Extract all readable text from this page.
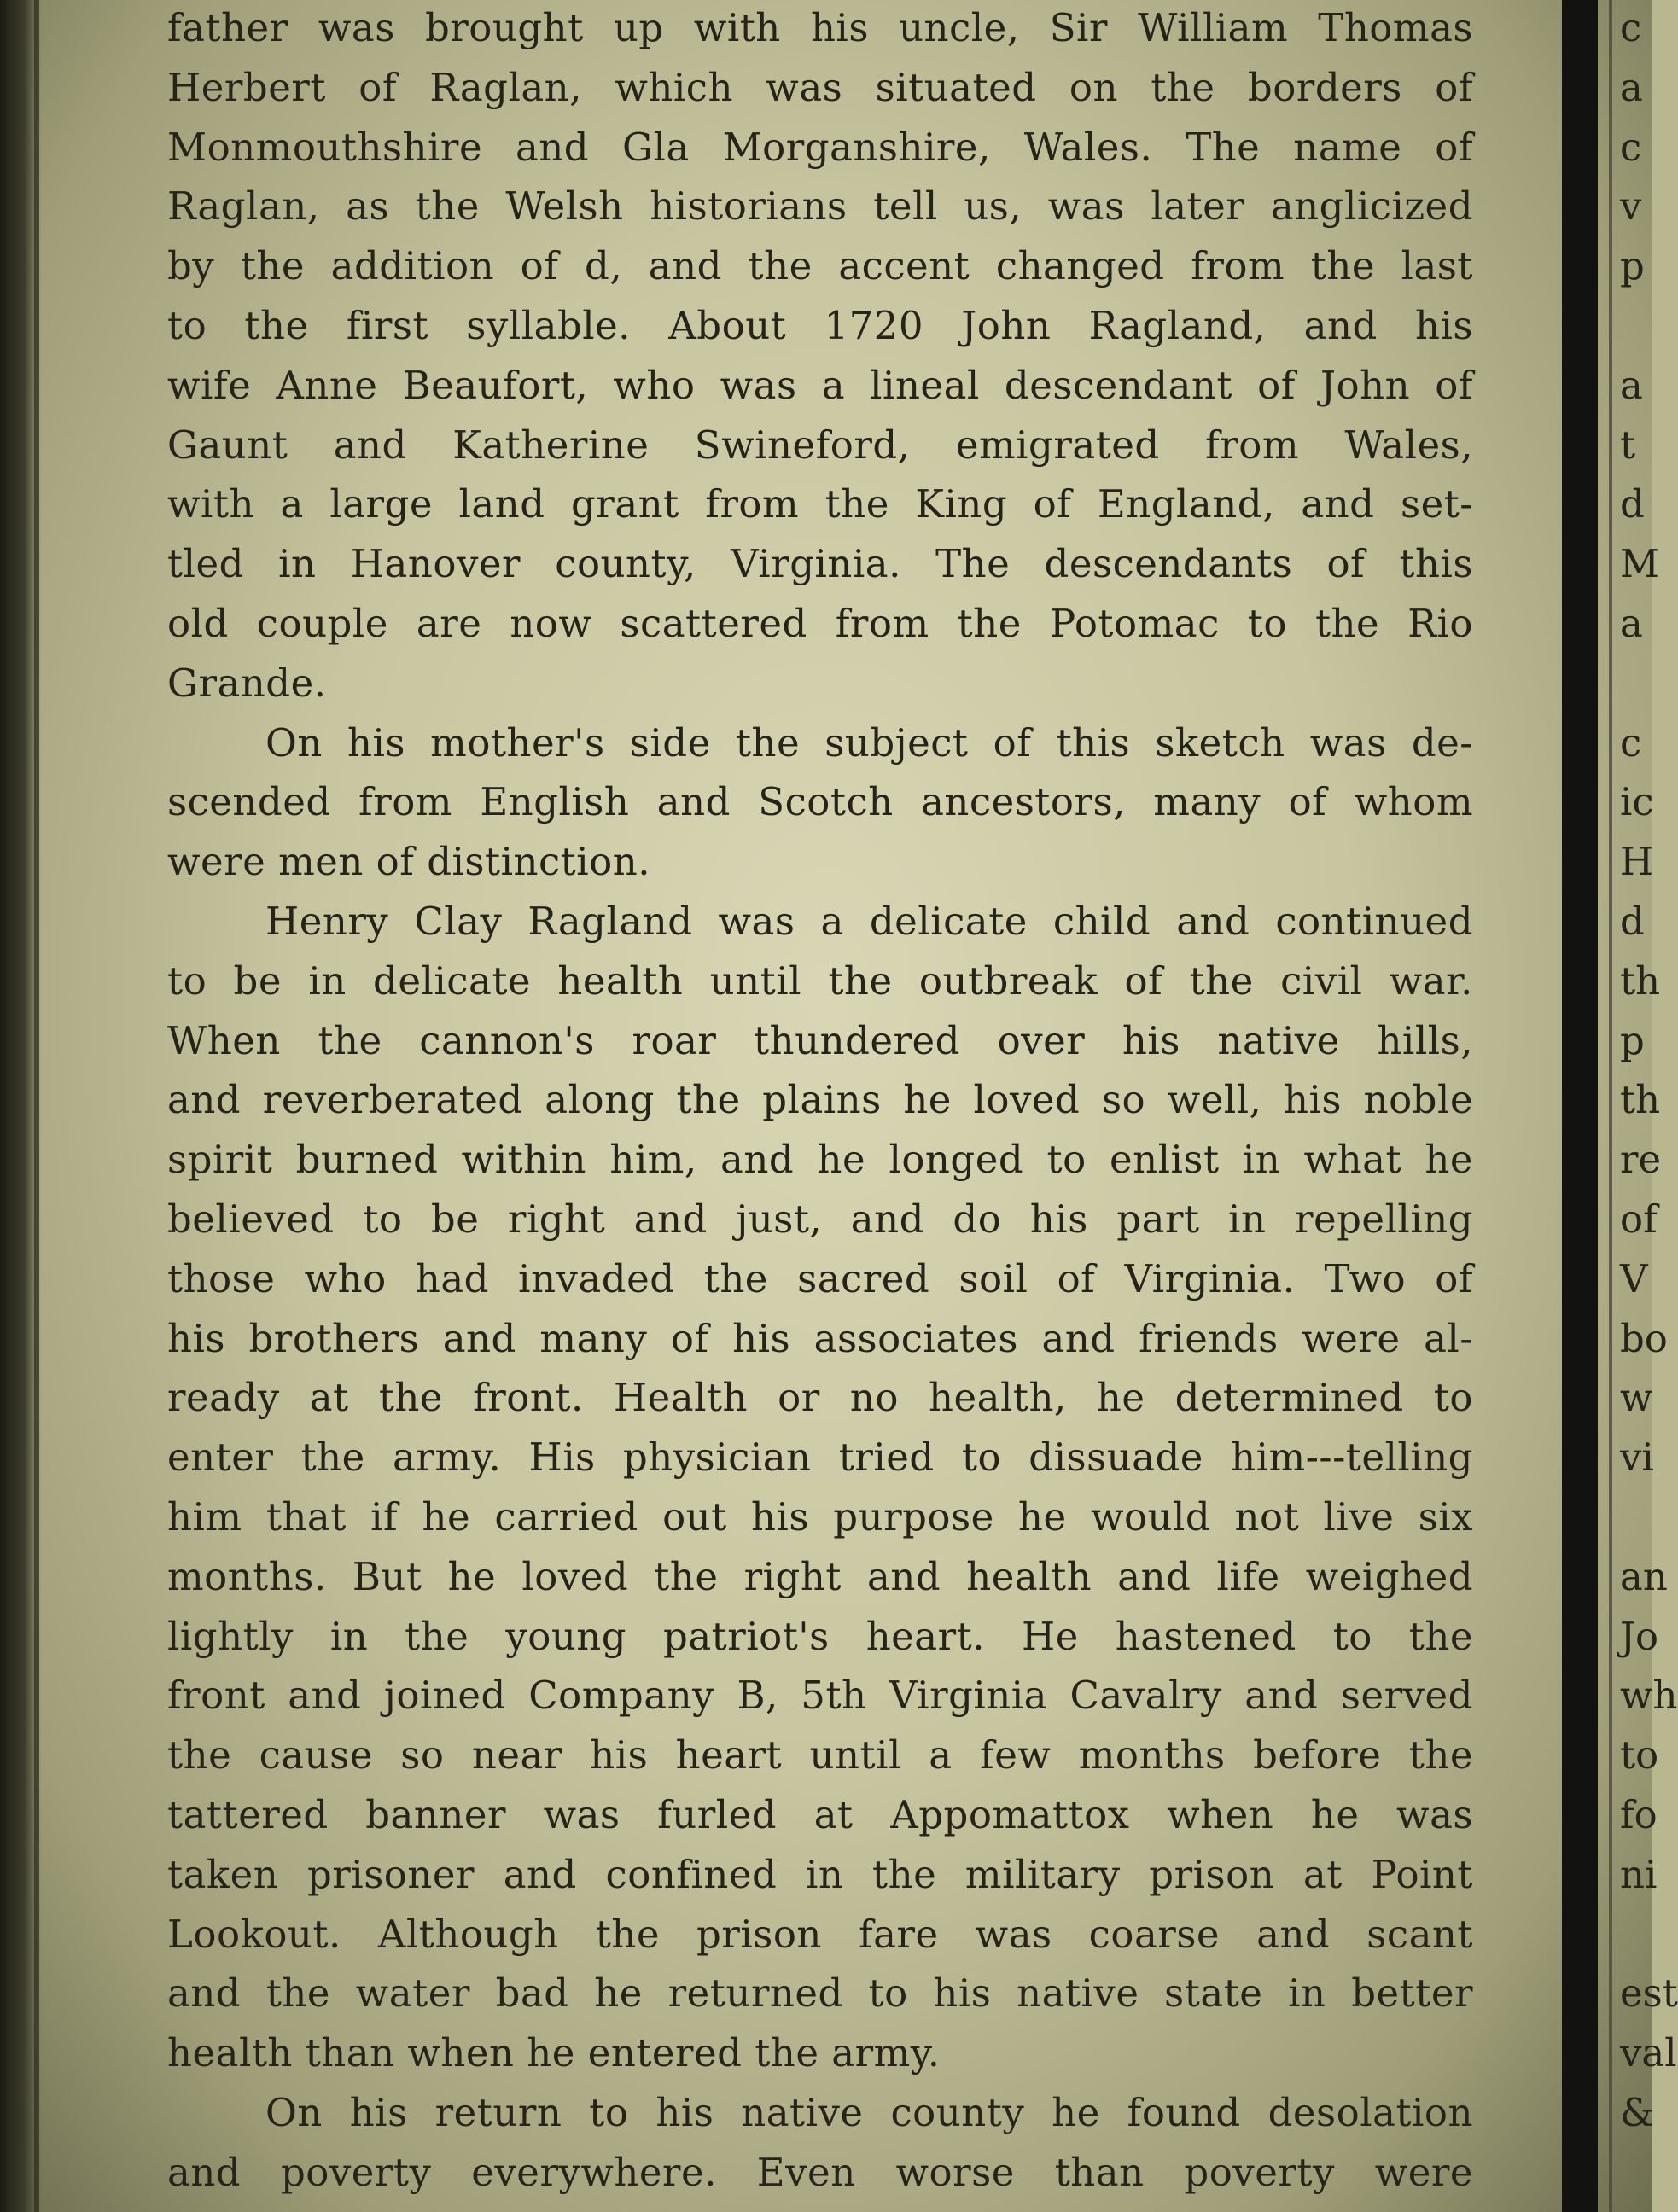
father was brought up with his uncle, Sir William Thomas
Herbert of Raglan, which was situated on the borders of
Monmouthshire and Gla Morganshire, Wales. The name of
Raglan, as the Welsh historians tell us, was later anglicized
by the addition of d, and the accent changed from the last
to the first syllable. About 1720 John Ragland, and his
wife Anne Beaufort, who was a lineal descendant of John of
Gaunt and Katherine Swineford, emigrated from Wales,
with a large land grant from the King of England, and set-
tled in Hanover county, Virginia. The descendants of this
old couple are now scattered from the Potomac to the Rio
Grande.
On his mother's side the subject of this sketch was de-
scended from English and Scotch ancestors, many of whom
were men of distinction.
Henry Clay Ragland was a delicate child and continued
to be in delicate health until the outbreak of the civil war.
When the cannon's roar thundered over his native hills,
and reverberated along the plains he loved so well, his noble
spirit burned within him, and he longed to enlist in what he
believed to be right and just, and do his part in repelling
those who had invaded the sacred soil of Virginia. Two of
his brothers and many of his associates and friends were al-
ready at the front. Health or no health, he determined to
enter the army. His physician tried to dissuade him---telling
him that if he carried out his purpose he would not live six
months. But he loved the right and health and life weighed
lightly in the young patriot's heart. He hastened to the
front and joined Company B, 5th Virginia Cavalry and served
the cause so near his heart until a few months before the
tattered banner was furled at Appomattox when he was
taken prisoner and confined in the military prison at Point
Lookout. Although the prison fare was coarse and scant
and the water bad he returned to his native state in better
health than when he entered the army.
On his return to his native county he found desolation
and poverty everywhere. Even worse than poverty were
c
a
c
v
p
a
t
d
M
a
c
ic
H
d
th
p
th
re
of
V
bo
w
vi
an
Jo
wh
to
fo
ni
est
val
&
